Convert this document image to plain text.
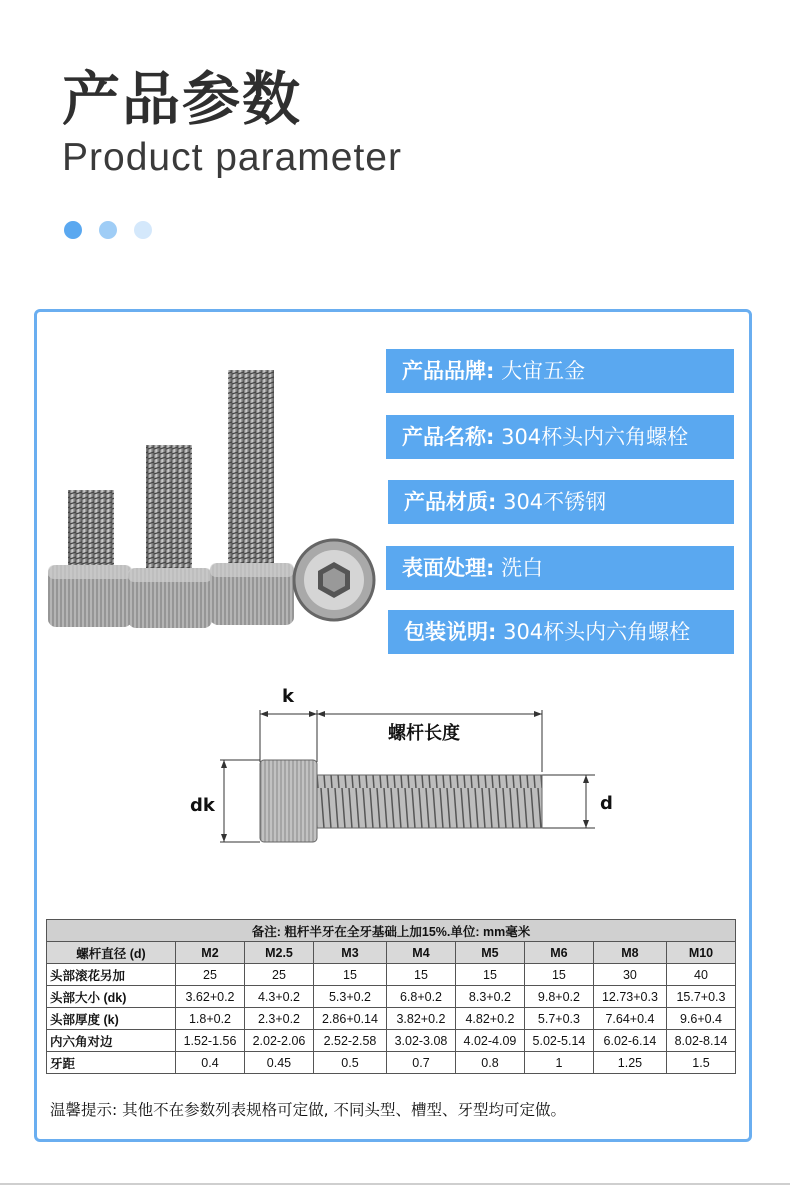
产品参数
Product parameter
产品品牌: 大宙五金
产品名称: 304杯头内六角螺栓
产品材质: 304不锈钢
表面处理: 洗白
包装说明: 304杯头内六角螺栓
k
螺杆长度
dk	d
备注: 粗杆半牙在全牙基础上加15%.单位: mm毫米								
螺杆直径 (d)	M2	M2.5	M3	M4	M5	M6	M8	M10
头部滚花另加	25	25	15	15	15	15	30	40
头部大小 (dk)	3.62+0.2	4.3+0.2	5.3+0.2	6.8+0.2	8.3+0.2	9.8+0.2	12.73+0.3	15.7+0.3
头部厚度 (k)	1.8+0.2	2.3+0.2	2.86+0.14	3.82+0.2	4.82+0.2	5.7+0.3	7.64+0.4	9.6+0.4
内六角对边	1.52-1.56	2.02-2.06	2.52-2.58	3.02-3.08	4.02-4.09	5.02-5.14	6.02-6.14	8.02-8.14
牙距	0.4	0.45	0.5	0.7	0.8	1	1.25	1.5
温馨提示: 其他不在参数列表规格可定做, 不同头型、槽型、牙型均可定做。
